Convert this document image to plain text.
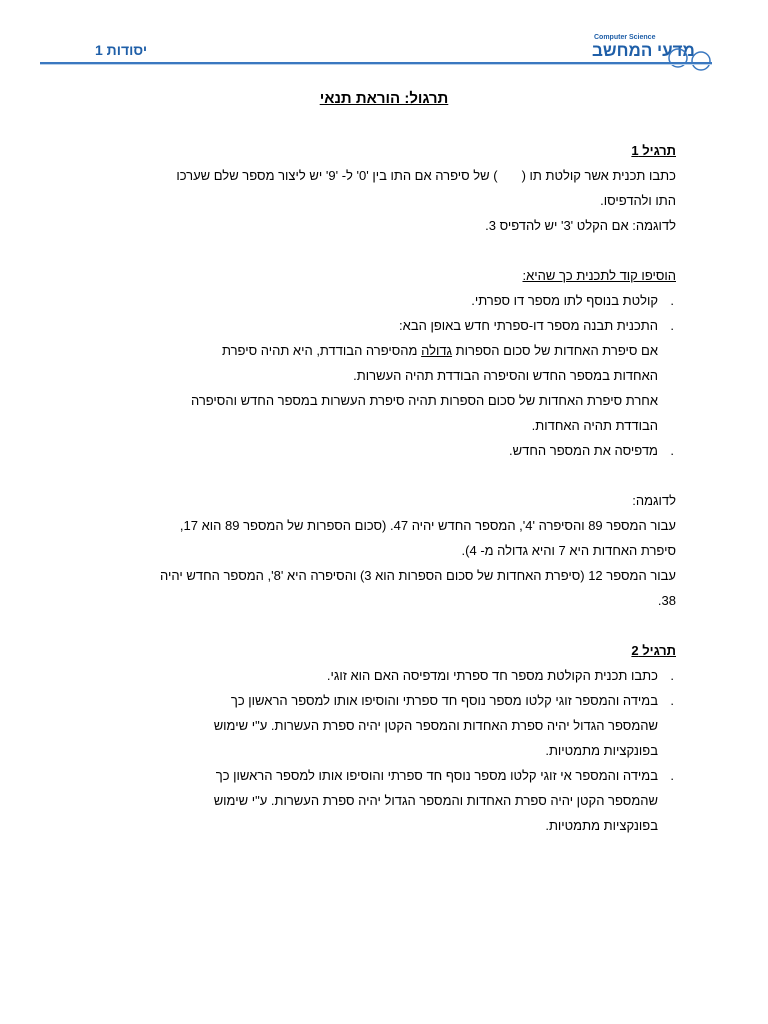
יסודות 1
Computer Science
מדעי המחשב
תרגול: הוראת תנאי
תרגיל 1
כתבו תכנית אשר קולטת תו () של סיפרה אם התו בין '0' ל- '9' יש ליצור מספר שלם שערכו
התו ולהדפיסו.
לדוגמה: אם הקלט '3' יש להדפיס 3.
הוסיפו קוד לתכנית כך שהיא:
. קולטת בנוסף לתו מספר דו ספרתי.
. התכנית תבנה מספר דו-ספרתי חדש באופן הבא:
אם סיפרת האחדות של סכום הספרות גדולה מהסיפרה הבודדת, היא תהיה סיפרת
האחדות במספר החדש והסיפרה הבודדת תהיה העשרות.
אחרת סיפרת האחדות של סכום הספרות תהיה סיפרת העשרות במספר החדש והסיפרה
הבודדת תהיה האחדות.
. מדפיסה את המספר החדש.
לדוגמה:
עבור המספר 89 והסיפרה '4', המספר החדש יהיה 47. (סכום הספרות של המספר 89 הוא 17,
סיפרת האחדות היא 7 והיא גדולה מ- 4).
עבור המספר 12 (סיפרת האחדות של סכום הספרות הוא 3) והסיפרה היא '8', המספר החדש יהיה
38.
תרגיל 2
. כתבו תכנית הקולטת מספר חד ספרתי ומדפיסה האם הוא זוגי.
. במידה והמספר זוגי קלטו מספר נוסף חד ספרתי והוסיפו אותו למספר הראשון כך
שהמספר הגדול יהיה ספרת האחדות והמספר הקטן יהיה ספרת העשרות. ע"י שימוש
בפונקציות מתמטיות.
. במידה והמספר אי זוגי קלטו מספר נוסף חד ספרתי והוסיפו אותו למספר הראשון כך
שהמספר הקטן יהיה ספרת האחדות והמספר הגדול יהיה ספרת העשרות. ע"י שימוש
בפונקציות מתמטיות.
